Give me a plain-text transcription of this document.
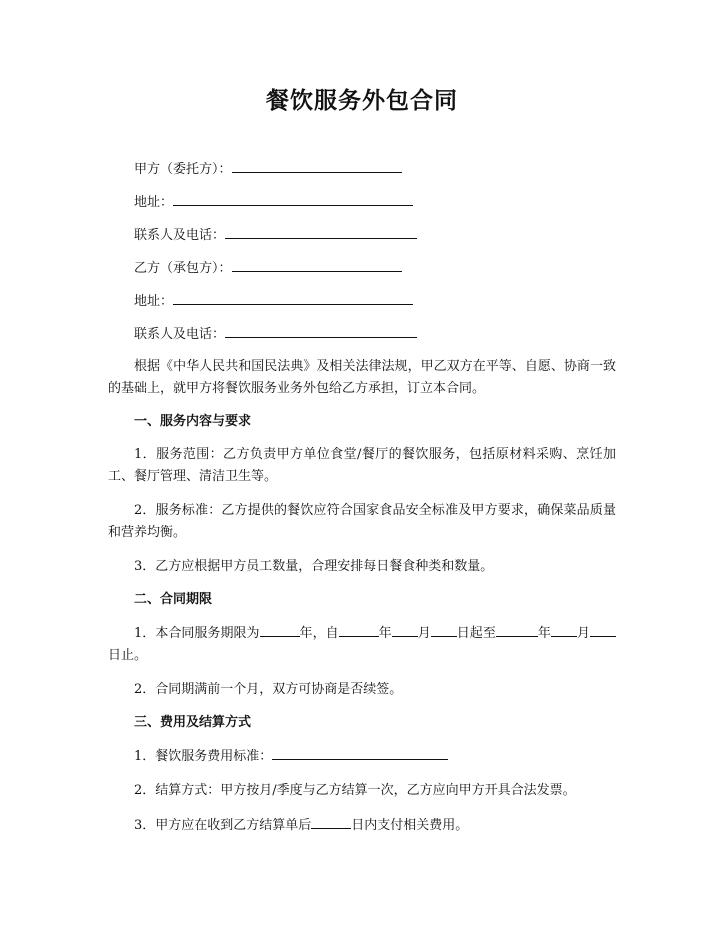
餐饮服务外包合同
甲方（委托方）：
地址：
联系人及电话：
乙方（承包方）：
地址：
联系人及电话：

根据《中华人民共和国民法典》及相关法律法规，甲乙双方在平等、自愿、协商一致的基础上，就甲方将餐饮服务业务外包给乙方承担，订立本合同。

一、服务内容与要求

1．服务范围：乙方负责甲方单位食堂/餐厅的餐饮服务，包括原材料采购、烹饪加工、餐厅管理、清洁卫生等。

2．服务标准：乙方提供的餐饮应符合国家食品安全标准及甲方要求，确保菜品质量和营养均衡。

3．乙方应根据甲方员工数量，合理安排每日餐食种类和数量。

二、合同期限

1．本合同服务期限为	年，自	年 月 日起至	年 月日止。

2．合同期满前一个月，双方可协商是否续签。

三、费用及结算方式

1．餐饮服务费用标准：

2．结算方式：甲方按月/季度与乙方结算一次，乙方应向甲方开具合法发票。

3．甲方应在收到乙方结算单后	日内支付相关费用。
